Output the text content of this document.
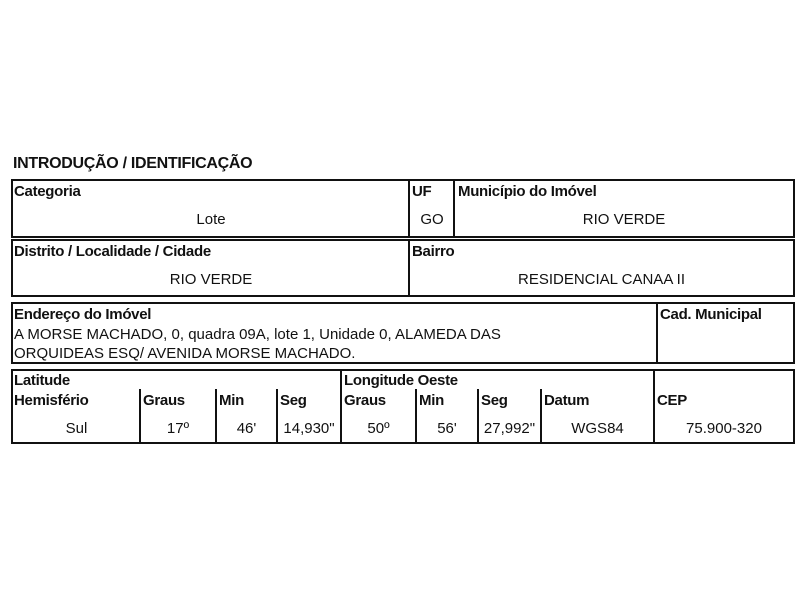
INTRODUÇÃO / IDENTIFICAÇÃO
Categoria
Lote
UF
GO
Município do Imóvel
RIO VERDE
Distrito / Localidade / Cidade
RIO VERDE
Bairro
RESIDENCIAL CANAA II
Endereço do Imóvel
A MORSE MACHADO, 0, quadra 09A, lote 1, Unidade 0, ALAMEDA DAS
ORQUIDEAS ESQ/ AVENIDA MORSE MACHADO.
Cad. Municipal
Latitude
Hemisfério
Sul
Graus
17º
Min
46'
Seg
14,930"
Longitude Oeste
Graus
50º
Min
56'
Seg
27,992"
Datum
WGS84
CEP
75.900-320
